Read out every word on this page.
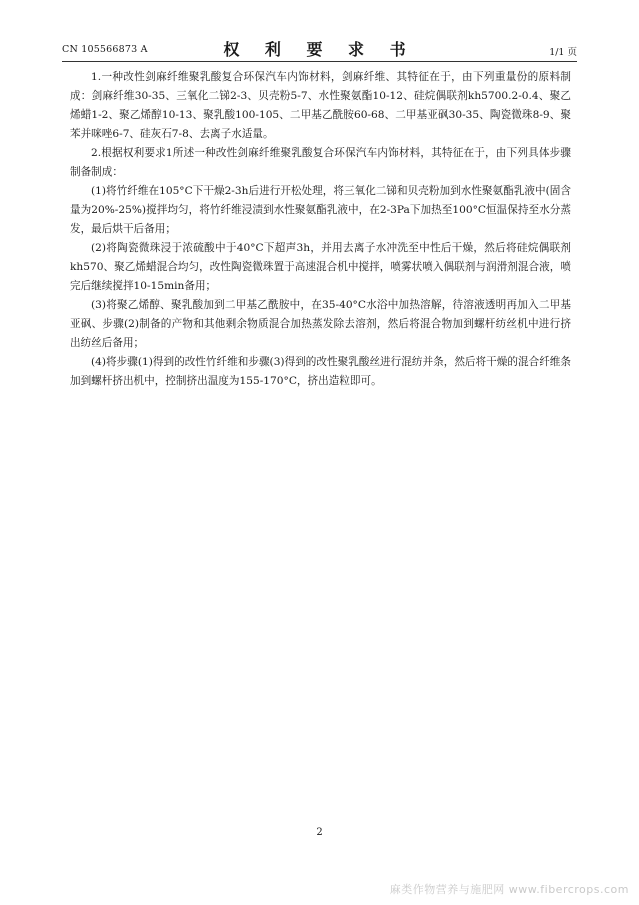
CN 105566873 A	权 利 要 求 书	1/1 页

1.一种改性剑麻纤维聚乳酸复合环保汽车内饰材料，剑麻纤维、其特征在于，由下列重量份的原料制成：剑麻纤维30-35、三氧化二锑2-3、贝壳粉5-7、水性聚氨酯10-12、硅烷偶联剂kh5700.2-0.4、聚乙烯蜡1-2、聚乙烯醇10-13、聚乳酸100-105、二甲基乙酰胺60-68、二甲基亚砜30-35、陶瓷微珠8-9、聚苯并咪唑6-7、硅灰石7-8、去离子水适量。

2.根据权利要求1所述一种改性剑麻纤维聚乳酸复合环保汽车内饰材料，其特征在于，由下列具体步骤制备制成：

(1)将竹纤维在105°C下干燥2-3h后进行开松处理，将三氧化二锑和贝壳粉加到水性聚氨酯乳液中(固含量为20%-25%)搅拌均匀，将竹纤维浸渍到水性聚氨酯乳液中，在2-3Pa下加热至100°C恒温保持至水分蒸发，最后烘干后备用；

(2)将陶瓷微珠浸于浓硫酸中于40°C下超声3h，并用去离子水冲洗至中性后干燥，然后将硅烷偶联剂kh570、聚乙烯蜡混合均匀，改性陶瓷微珠置于高速混合机中搅拌，喷雾状喷入偶联剂与润滑剂混合液，喷完后继续搅拌10-15min备用；

(3)将聚乙烯醇、聚乳酸加到二甲基乙酰胺中，在35-40°C水浴中加热溶解，待溶液透明再加入二甲基亚砜、步骤(2)制备的产物和其他剩余物质混合加热蒸发除去溶剂，然后将混合物加到螺杆纺丝机中进行挤出纺丝后备用；

(4)将步骤(1)得到的改性竹纤维和步骤(3)得到的改性聚乳酸丝进行混纺并条，然后将干燥的混合纤维条加到螺杆挤出机中，控制挤出温度为155-170°C，挤出造粒即可。

2
麻类作物营养与施肥网 www.fibercrops.com
